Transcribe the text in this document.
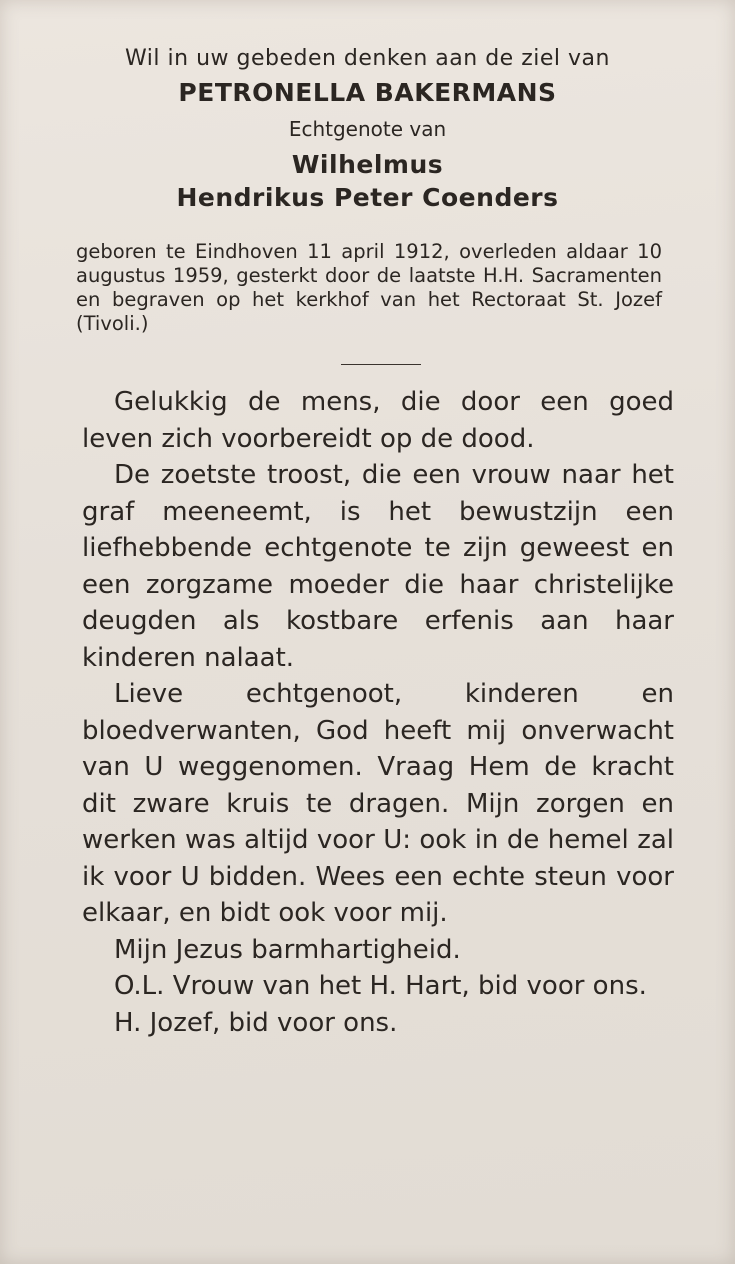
Wil in uw gebeden denken aan de ziel van

PETRONELLA BAKERMANS

Echtgenote van

Wilhelmus

Hendrikus Peter Coenders

geboren te Eindhoven 11 april 1912, overleden aldaar 10 augustus 1959, gesterkt door de laatste H.H. Sacramenten en begraven op het kerkhof van het Rectoraat St. Jozef (Tivoli.)

Gelukkig de mens, die door een goed leven zich voorbereidt op de dood.

De zoetste troost, die een vrouw naar het graf meeneemt, is het bewustzijn een liefhebbende echtgenote te zijn geweest en een zorgzame moeder die haar christelijke deugden als kostbare erfenis aan haar kinderen nalaat.

Lieve echtgenoot, kinderen en bloedverwanten, God heeft mij onverwacht van U weggenomen. Vraag Hem de kracht dit zware kruis te dragen. Mijn zorgen en werken was altijd voor U: ook in de hemel zal ik voor U bidden. Wees een echte steun voor elkaar, en bidt ook voor mij.

Mijn Jezus barmhartigheid.

O.L. Vrouw van het H. Hart, bid voor ons.

H. Jozef, bid voor ons.
